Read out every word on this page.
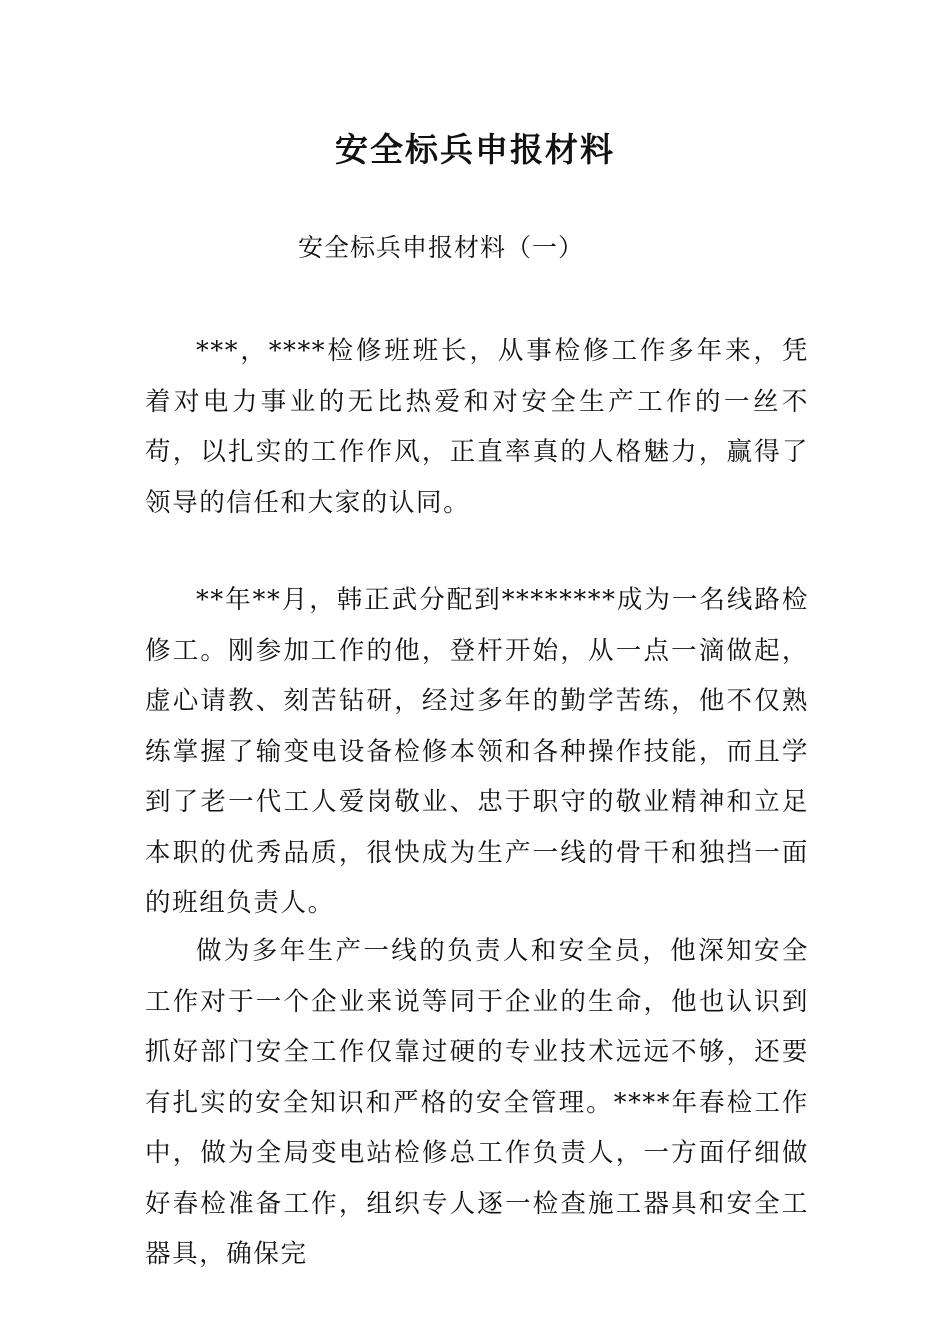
安全标兵申报材料
安全标兵申报材料（一）

***，****检修班班长，从事检修工作多年来，凭着对电力事业的无比热爱和对安全生产工作的一丝不苟，以扎实的工作作风，正直率真的人格魅力，赢得了领导的信任和大家的认同。

**年**月，韩正武分配到********成为一名线路检修工。刚参加工作的他，登杆开始，从一点一滴做起，虚心请教、刻苦钻研，经过多年的勤学苦练，他不仅熟练掌握了输变电设备检修本领和各种操作技能，而且学到了老一代工人爱岗敬业、忠于职守的敬业精神和立足本职的优秀品质，很快成为生产一线的骨干和独挡一面的班组负责人。

做为多年生产一线的负责人和安全员，他深知安全工作对于一个企业来说等同于企业的生命，他也认识到抓好部门安全工作仅靠过硬的专业技术远远不够，还要有扎实的安全知识和严格的安全管理。****年春检工作中，做为全局变电站检修总工作负责人，一方面仔细做好春检准备工作，组织专人逐一检查施工器具和安全工器具，确保完
